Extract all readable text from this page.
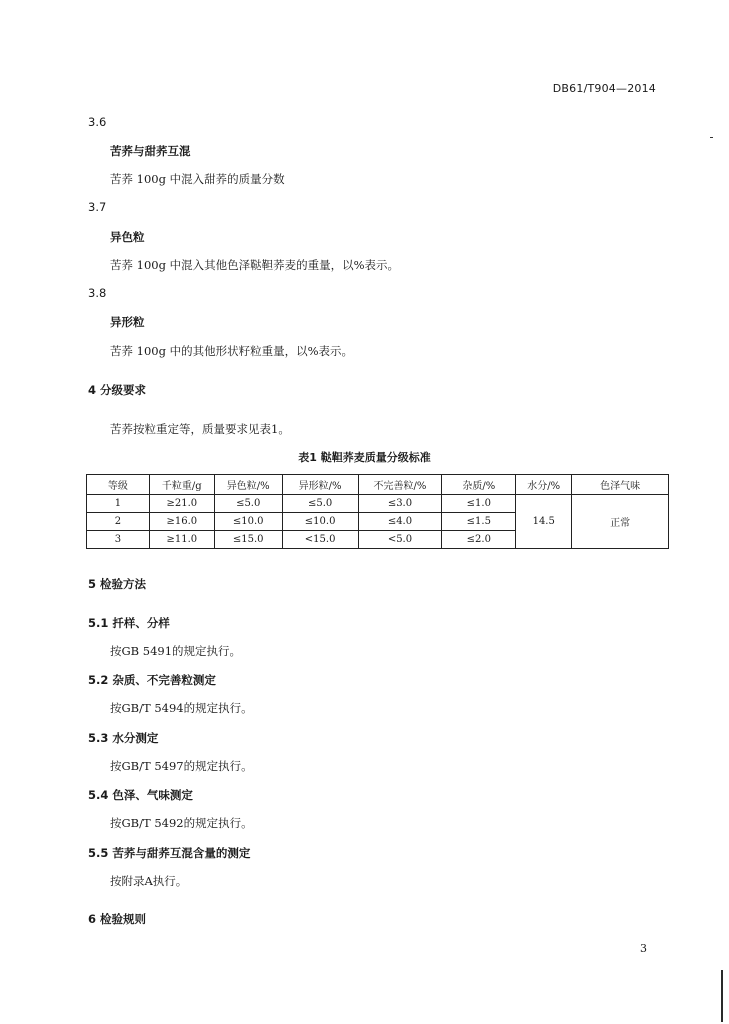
DB61/T904—2014
3.6
苦荞与甜荞互混
苦荞 100g 中混入甜荞的质量分数
3.7
异色粒
苦荞 100g 中混入其他色泽鞑靼荞麦的重量，以%表示。
3.8
异形粒
苦荞 100g 中的其他形状籽粒重量，以%表示。
4 分级要求
苦荞按粒重定等，质量要求见表1。
表1 鞑靼荞麦质量分级标准
等级	千粒重/g	异色粒/%	异形粒/%	不完善粒/%	杂质/%	水分/%	色泽气味
1	≥21.0	≤5.0	≤5.0	≤3.0	≤1.0	14.5	正常
2	≥16.0	≤10.0	≤10.0	≤4.0	≤1.5		
3	≥11.0	≤15.0	<15.0	<5.0	≤2.0		
5 检验方法
5.1 扦样、分样
按GB 5491的规定执行。
5.2 杂质、不完善粒测定
按GB/T 5494的规定执行。
5.3 水分测定
按GB/T 5497的规定执行。
5.4 色泽、气味测定
按GB/T 5492的规定执行。
5.5 苦荞与甜荞互混含量的测定
按附录A执行。
6 检验规则
3
